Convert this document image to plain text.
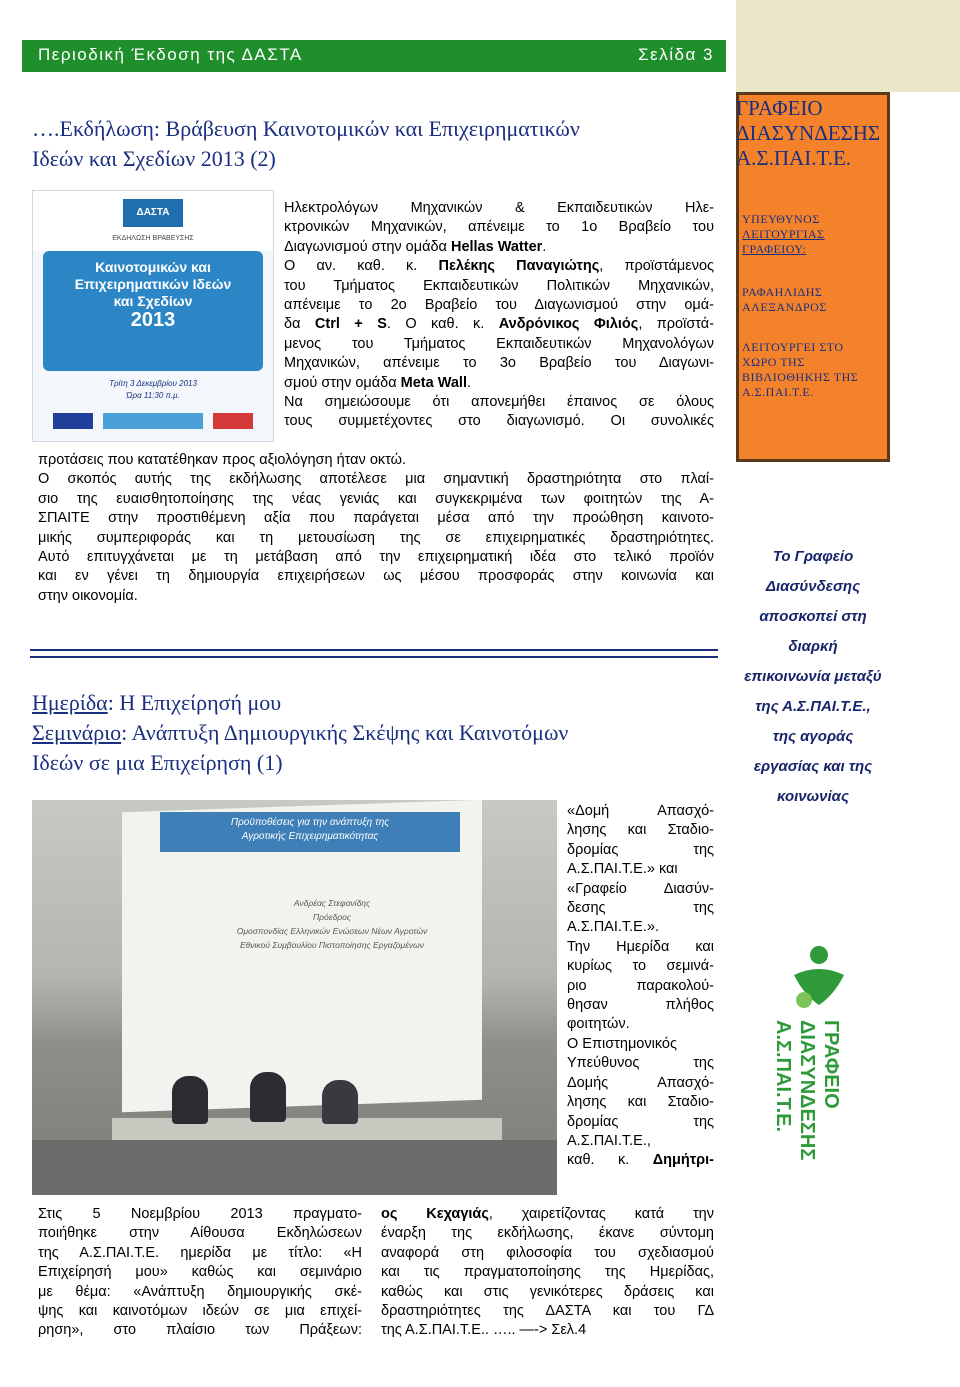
Περιοδική Έκδοση της ΔΑΣΤΑ	Σελίδα 3
ΓΡΑΦΕΙΟ
ΔΙΑΣΥΝΔΕΣΗΣ
Α.Σ.ΠΑΙ.Τ.Ε.
ΥΠΕΥΘΥΝΟΣ
ΛΕΙΤΟΥΡΓΙΑΣ
ΓΡΑΦΕΙΟΥ:
ΡΑΦΑΗΛΙΔΗΣ
ΑΛΕΞΑΝΔΡΟΣ
ΛΕΙΤΟΥΡΓΕΙ ΣΤΟ
ΧΩΡΟ ΤΗΣ
ΒΙΒΛΙΟΘΗΚΗΣ ΤΗΣ
Α.Σ.ΠΑΙ.Τ.Ε.
Το Γραφείο
Διασύνδεσης
αποσκοπεί στη
διαρκή
επικοινωνία μεταξύ
της Α.Σ.ΠΑΙ.Τ.Ε.,
της αγοράς
εργασίας και της
κοινωνίας
ΓΡΑΦΕΙΟ ΔΙΑΣΥΝΔΕΣΗΣ
Α.Σ.ΠΑΙ.Τ.Ε.
….Εκδήλωση: Βράβευση Καινοτομικών και Επιχειρηματικών
Ιδεών και Σχεδίων 2013 (2)
ΔΑΣΤΑ
ΕΚΔΗΛΩΣΗ ΒΡΑΒΕΥΣΗΣ
Καινοτομικών και
Επιχειρηματικών Ιδεών
και Σχεδίων
2013
Τρίτη 3 Δεκεμβρίου 2013
Ώρα 11:30 π.μ.
Ηλεκτρολόγων Μηχανικών & Εκπαιδευτικών Ηλε-
κτρονικών Μηχανικών, απένειμε το 1ο Βραβείο του
Διαγωνισμού στην ομάδα Hellas Watter.
Ο αν. καθ. κ. Πελέκης Παναγιώτης, προϊστάμενος
του Τμήματος Εκπαιδευτικών Πολιτικών Μηχανικών,
απένειμε το 2ο Βραβείο του Διαγωνισμού στην ομά-
δα Ctrl + S. Ο καθ. κ. Ανδρόνικος Φιλιός, προϊστά-
μενος του Τμήματος Εκπαιδευτικών Μηχανολόγων
Μηχανικών, απένειμε το 3ο Βραβείο του Διαγωνι-
σμού στην ομάδα Meta Wall.
Να σημειώσουμε ότι απονεμήθει έπαινος σε όλους
τους συμμετέχοντες στο διαγωνισμό. Οι συνολικές
προτάσεις που κατατέθηκαν προς αξιολόγηση ήταν οκτώ.
Ο σκοπός αυτής της εκδήλωσης αποτέλεσε μια σημαντική δραστηριότητα στο πλαί-
σιο της ευαισθητοποίησης της νέας γενιάς και συγκεκριμένα των φοιτητών της Α-
ΣΠΑΙΤΕ στην προστιθέμενη αξία που παράγεται μέσα από την προώθηση καινοτο-
μικής συμπεριφοράς και τη μετουσίωση της σε επιχειρηματικές δραστηριότητες.
Αυτό επιτυγχάνεται με τη μετάβαση από την επιχειρηματική ιδέα στο τελικό προϊόν
και εν γένει τη δημιουργία επιχειρήσεων ως μέσου προσφοράς στην κοινωνία και
στην οικονομία.
Ημερίδα: Η Επιχείρησή μου
Σεμινάριο: Ανάπτυξη Δημιουργικής Σκέψης και Καινοτόμων
Ιδεών σε μια Επιχείρηση (1)
Προϋποθέσεις για την ανάπτυξη της
Αγροτικής Επιχειρηματικότητας
Ανδρέας Στεφανίδης
Πρόεδρος
Ομοσπονδίας Ελληνικών Ενώσεων Νέων Αγροτών
Εθνικού Συμβουλίου Πιστοποίησης Εργαζομένων
«Δομή Απασχό-
λησης και Σταδιο-
δρομίας της
Α.Σ.ΠΑΙ.Τ.Ε.» και
«Γραφείο Διασύν-
δεσης της
Α.Σ.ΠΑΙ.Τ.Ε.».
Την Ημερίδα και
κυρίως το σεμινά-
ριο παρακολού-
θησαν πλήθος
φοιτητών.
Ο Επιστημονικός
Υπεύθυνος της
Δομής Απασχό-
λησης και Σταδιο-
δρομίας της
Α.Σ.ΠΑΙ.Τ.Ε.,
καθ. κ. Δημήτρι-
Στις 5 Νοεμβρίου 2013 πραγματο-
ποιήθηκε στην Αίθουσα Εκδηλώσεων
της Α.Σ.ΠΑΙ.Τ.Ε. ημερίδα με τίτλο: «Η
Επιχείρησή μου» καθώς και σεμινάριο
με θέμα: «Ανάπτυξη δημιουργικής σκέ-
ψης και καινοτόμων ιδεών σε μια επιχεί-
ρηση», στο πλαίσιο των Πράξεων:
ος Κεχαγιάς, χαιρετίζοντας κατά την
έναρξη της εκδήλωσης, έκανε σύντομη
αναφορά στη φιλοσοφία του σχεδιασμού
και τις πραγματοποίησης της Ημερίδας,
καθώς και στις γενικότερες δράσεις και
δραστηριότητες της ΔΑΣΤΑ και του ΓΔ
της Α.Σ.ΠΑΙ.Τ.Ε.. ….. —-> Σελ.4
